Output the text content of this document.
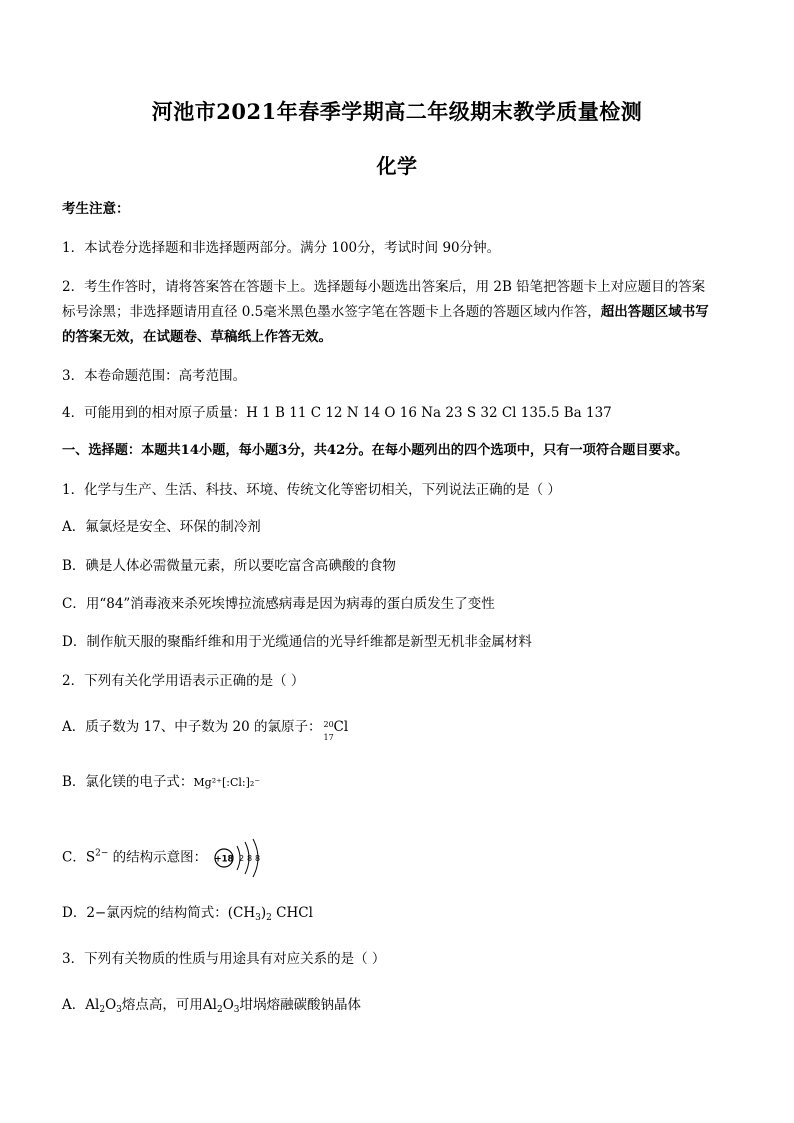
河池市2021年春季学期高二年级期末教学质量检测
化学
考生注意：
1．本试卷分选择题和非选择题两部分。满分 100分，考试时间 90分钟。
2．考生作答时，请将答案答在答题卡上。选择题每小题选出答案后，用 2B 铅笔把答题卡上对应题目的答案
标号涂黑；非选择题请用直径 0.5毫米黑色墨水签字笔在答题卡上各题的答题区域内作答，超出答题区域书写
的答案无效，在试题卷、草稿纸上作答无效。
3．本卷命题范围：高考范围。
4．可能用到的相对原子质量：H 1 B 11 C 12 N 14 O 16 Na 23 S 32 Cl 135.5 Ba 137
一、选择题：本题共14小题，每小题3分，共42分。在每小题列出的四个选项中，只有一项符合题目要求。
1．化学与生产、生活、科技、环境、传统文化等密切相关，下列说法正确的是（ ）
A．氟氯烃是安全、环保的制冷剂
B．碘是人体必需微量元素，所以要吃富含高碘酸的食物
C．用“84”消毒液来杀死埃博拉流感病毒是因为病毒的蛋白质发生了变性
D．制作航天服的聚酯纤维和用于光缆通信的光导纤维都是新型无机非金属材料
2．下列有关化学用语表示正确的是（ ）
A．质子数为 17、中子数为 20 的氯原子： 20
17
Cl
B．氯化镁的电子式：Mg²⁺[:Cl:]₂⁻
C．$S^{2-}$ 的结构示意图： +18 2 8 8
D．2−氯丙烷的结构简式：$(CH_3)_2$ CHCl
3．下列有关物质的性质与用途具有对应关系的是（ ）
A．$Al_2O_3$熔点高，可用$Al_2O_3$坩埚熔融碳酸钠晶体
